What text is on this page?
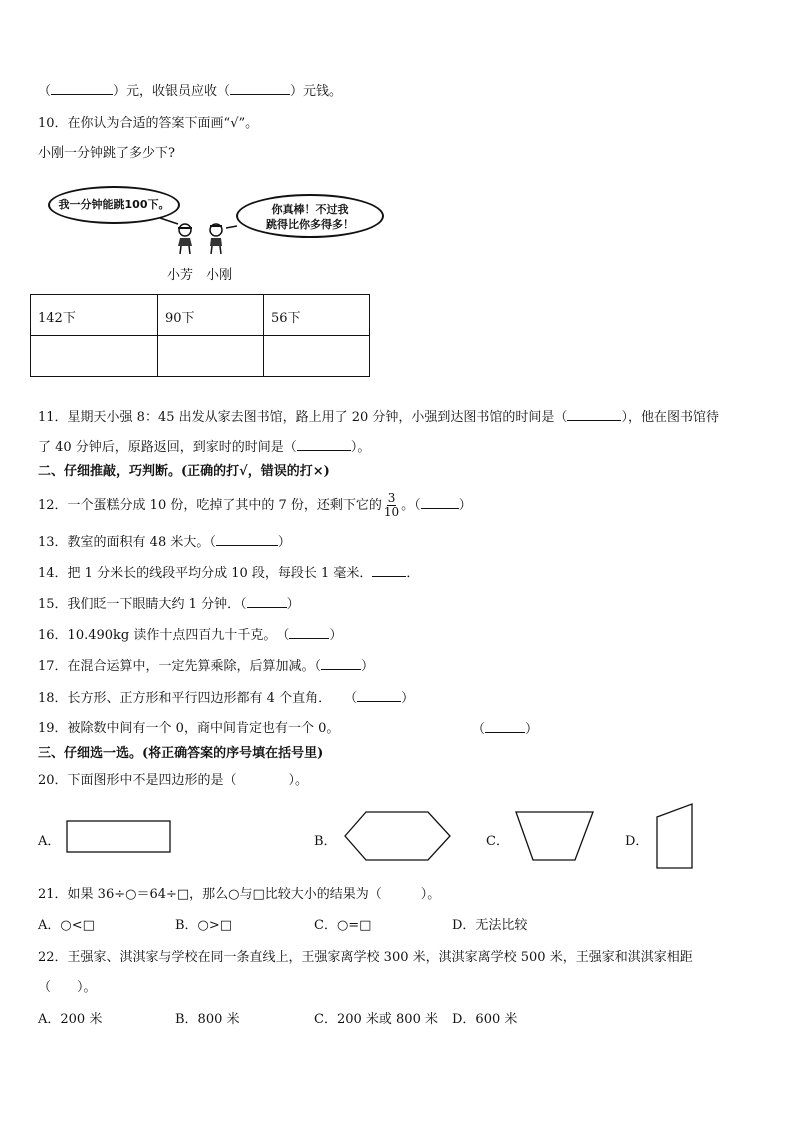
（	）元，收银员应收（	）元钱。
10．在你认为合适的答案下面画“√”。
小刚一分钟跳了多少下?
我一分钟能跳100下。	你真棒！不过我
跳得比你多得多！
小芳 小刚
142下	90下	56下

11．星期天小强 8：45 出发从家去图书馆，路上用了 20 分钟，小强到达图书馆的时间是（	），他在图书馆待
了 40 分钟后，原路返回，到家时的时间是（	）。
二、仔细推敲，巧判断。(正确的打√，错误的打×)
12．一个蛋糕分成 10 份，吃掉了其中的 7 份，还剩下它的 $\frac{3}{10}$ 。（	）
13．教室的面积有 48 米大。（	）
14．把 1 分米长的线段平均分成 10 段，每段长 1 毫米．	．
15．我们眨一下眼睛大约 1 分钟．（	）
16．10.490kg 读作十点四百九十千克。　（	）
17．在混合运算中，一定先算乘除，后算加减。（	）
18．长方形、正方形和平行四边形都有 4 个直角．　　（	）
19．被除数中间有一个 0，商中间肯定也有一个 0。	（	）
三、仔细选一选。(将正确答案的序号填在括号里)
20．下面图形中不是四边形的是（　　　　）。
A．	B．	C．	D．
21．如果 36÷○＝64÷□，那么○与□比较大小的结果为（　　　）。
A．○<□	B．○>□	C．○=□	D．无法比较
22．王强家、淇淇家与学校在同一条直线上，王强家离学校 300 米，淇淇家离学校 500 米，王强家和淇淇家相距
（　　）。
A．200 米	B．800 米	C．200 米或 800 米 D．600 米
